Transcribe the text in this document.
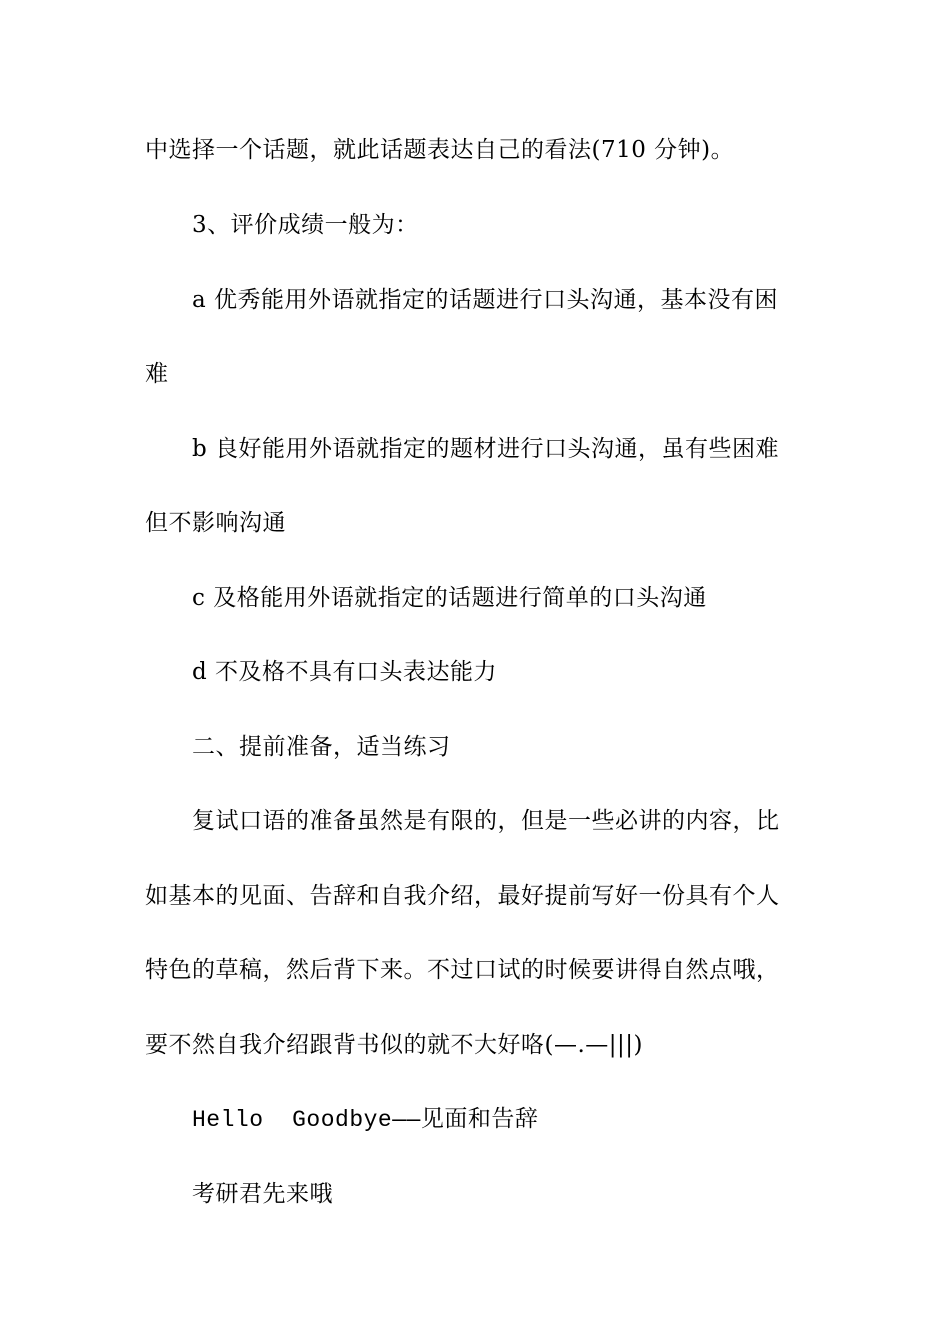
中选择一个话题，就此话题表达自己的看法(710 分钟)。
3、评价成绩一般为：
a 优秀能用外语就指定的话题进行口头沟通，基本没有困
难
b 良好能用外语就指定的题材进行口头沟通，虽有些困难
但不影响沟通
c 及格能用外语就指定的话题进行简单的口头沟通
d 不及格不具有口头表达能力
二、提前准备，适当练习
复试口语的准备虽然是有限的，但是一些必讲的内容，比
如基本的见面、告辞和自我介绍，最好提前写好一份具有个人
特色的草稿，然后背下来。不过口试的时候要讲得自然点哦，
要不然自我介绍跟背书似的就不大好咯(—.—|||)
Hello  Goodbye——见面和告辞
考研君先来哦
